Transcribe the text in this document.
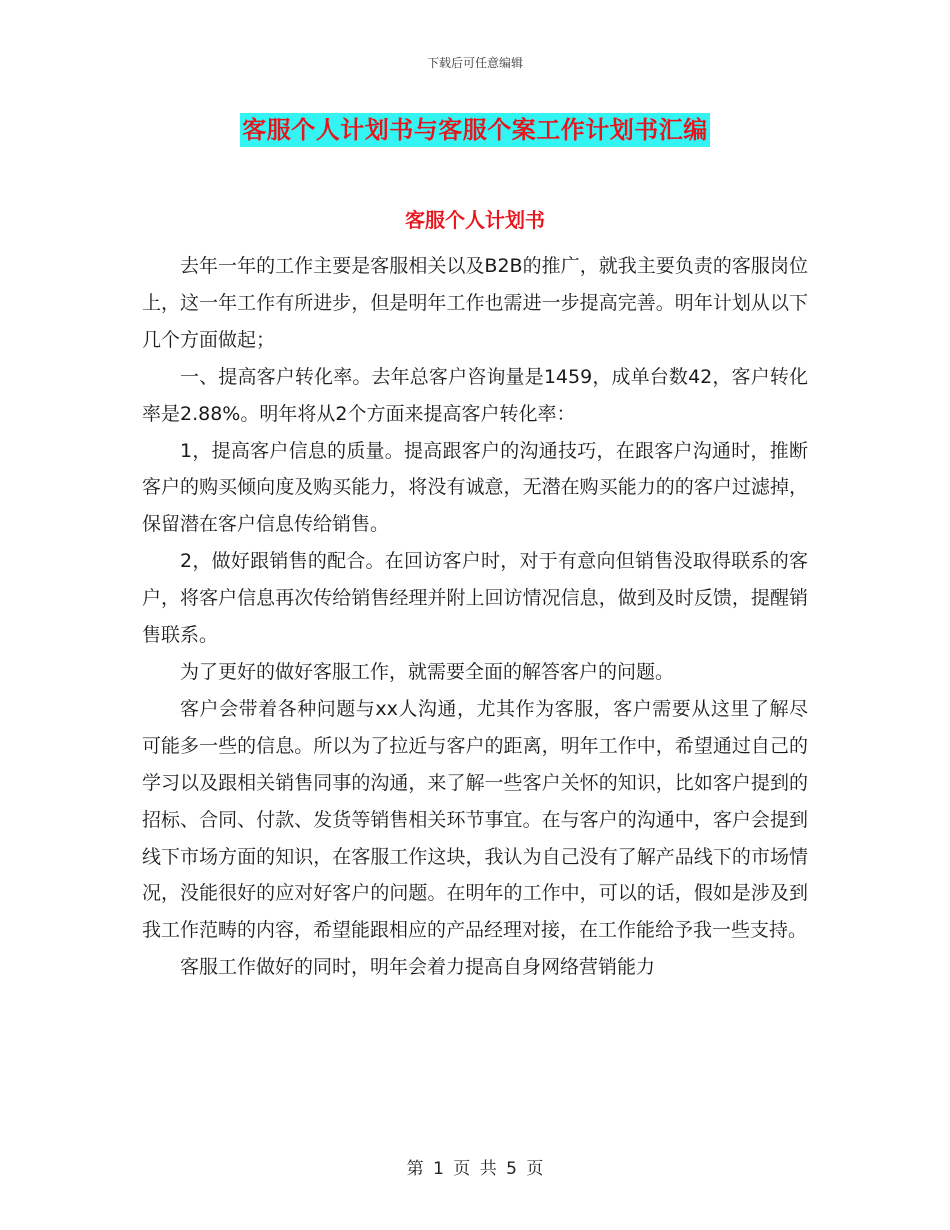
下载后可任意编辑
客服个人计划书与客服个案工作计划书汇编
客服个人计划书

去年一年的工作主要是客服相关以及B2B的推广，就我主要负责的客服岗位上，这一年工作有所进步，但是明年工作也需进一步提高完善。明年计划从以下几个方面做起；

一、提高客户转化率。去年总客户咨询量是1459，成单台数42，客户转化率是2.88%。明年将从2个方面来提高客户转化率：

1，提高客户信息的质量。提高跟客户的沟通技巧，在跟客户沟通时，推断客户的购买倾向度及购买能力，将没有诚意，无潜在购买能力的的客户过滤掉，保留潜在客户信息传给销售。

2，做好跟销售的配合。在回访客户时，对于有意向但销售没取得联系的客户，将客户信息再次传给销售经理并附上回访情况信息，做到及时反馈，提醒销售联系。

为了更好的做好客服工作，就需要全面的解答客户的问题。

客户会带着各种问题与xx人沟通，尤其作为客服，客户需要从这里了解尽可能多一些的信息。所以为了拉近与客户的距离，明年工作中，希望通过自己的学习以及跟相关销售同事的沟通，来了解一些客户关怀的知识，比如客户提到的招标、合同、付款、发货等销售相关环节事宜。在与客户的沟通中，客户会提到线下市场方面的知识，在客服工作这块，我认为自己没有了解产品线下的市场情况，没能很好的应对好客户的问题。在明年的工作中，可以的话，假如是涉及到我工作范畴的内容，希望能跟相应的产品经理对接，在工作能给予我一些支持。

客服工作做好的同时，明年会着力提高自身网络营销能力

第 1 页 共 5 页
